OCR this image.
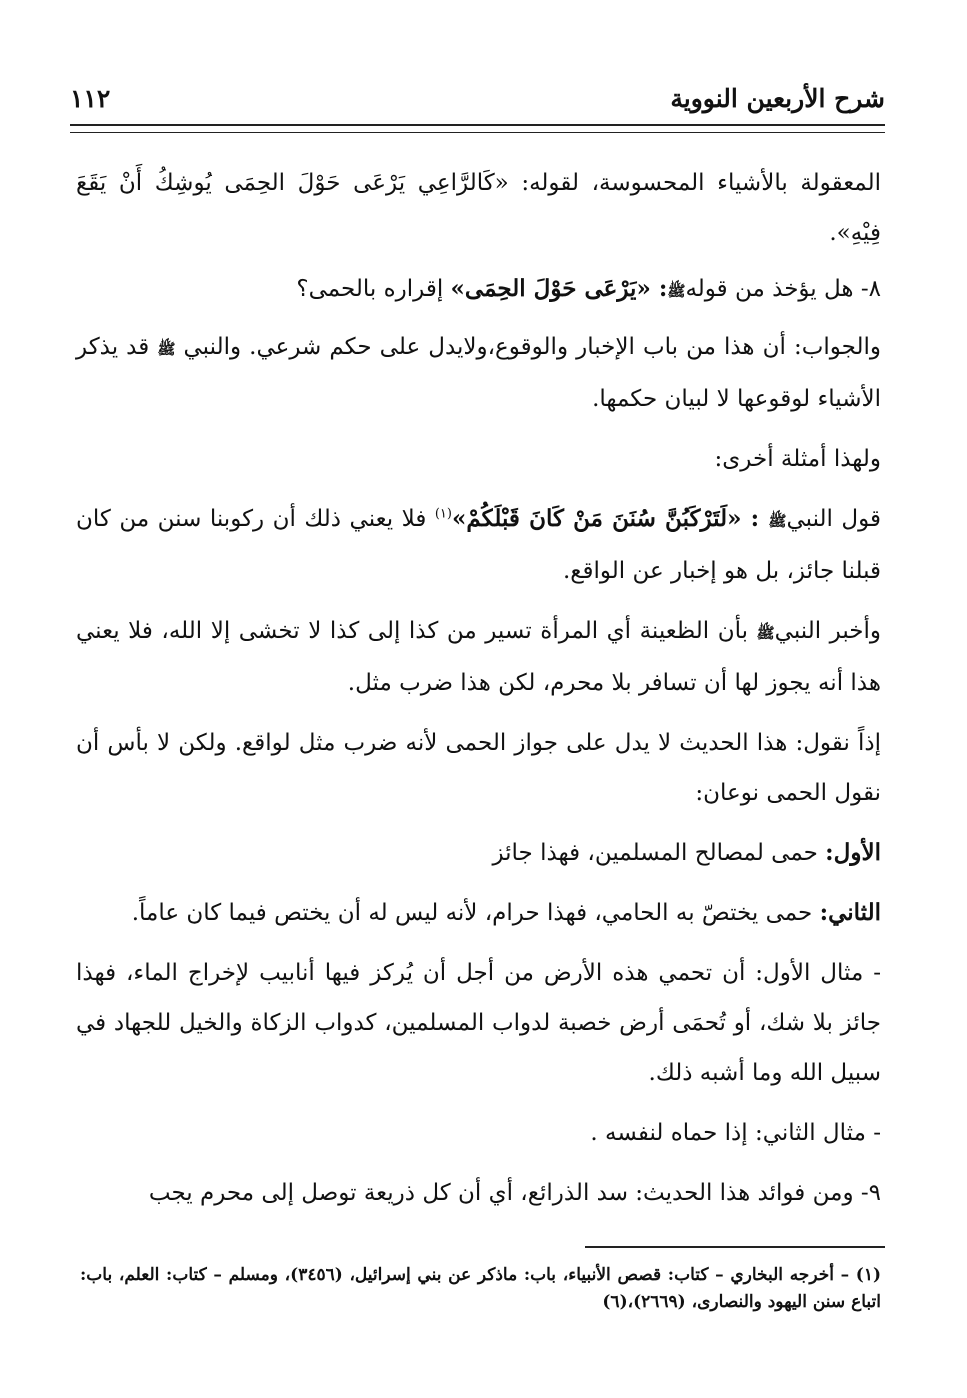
شرح الأربعين النووية
١١٢

المعقولة بالأشياء المحسوسة، لقوله: «كَالرَّاعِي يَرْعَى حَوْلَ الحِمَى يُوشِكُ أَنْ يَقَعَ فِيْهِ».

٨- هل يؤخذ من قولهﷺ: «يَرْعَى حَوْلَ الحِمَى» إقراره بالحمى؟

والجواب: أن هذا من باب الإخبار والوقوع،ولايدل على حكم شرعي. والنبي ﷺ قد يذكر الأشياء لوقوعها لا لبيان حكمها.

ولهذا أمثلة أخرى:

قول النبيﷺ : «لَتَرْكَبُنَّ سُنَنَ مَنْ كَانَ قَبْلَكُمْ»$^{(١)}$ فلا يعني ذلك أن ركوبنا سنن من كان قبلنا جائز، بل هو إخبار عن الواقع.

وأخبر النبيﷺ بأن الظعينة أي المرأة تسير من كذا إلى كذا لا تخشى إلا الله، فلا يعني هذا أنه يجوز لها أن تسافر بلا محرم، لكن هذا ضرب مثل.

إذاً نقول: هذا الحديث لا يدل على جواز الحمى لأنه ضرب مثل لواقع. ولكن لا بأس أن نقول الحمى نوعان:

الأول: حمى لمصالح المسلمين، فهذا جائز

الثاني: حمى يختصّ به الحامي، فهذا حرام، لأنه ليس له أن يختص فيما كان عاماً.

- مثال الأول: أن تحمي هذه الأرض من أجل أن يُركز فيها أنابيب لإخراج الماء، فهذا جائز بلا شك، أو تُحمَى أرض خصبة لدواب المسلمين، كدواب الزكاة والخيل للجهاد في سبيل الله وما أشبه ذلك.

- مثال الثاني: إذا حماه لنفسه .

٩- ومن فوائد هذا الحديث: سد الذرائع، أي أن كل ذريعة توصل إلى محرم يجب

(١) – أخرجه البخاري – كتاب: قصص الأنبياء، باب: ماذكر عن بني إسرائيل، (٣٤٥٦)، ومسلم – كتاب: العلم، باب: اتباع سنن اليهود والنصارى، (٢٦٦٩)،(٦)
